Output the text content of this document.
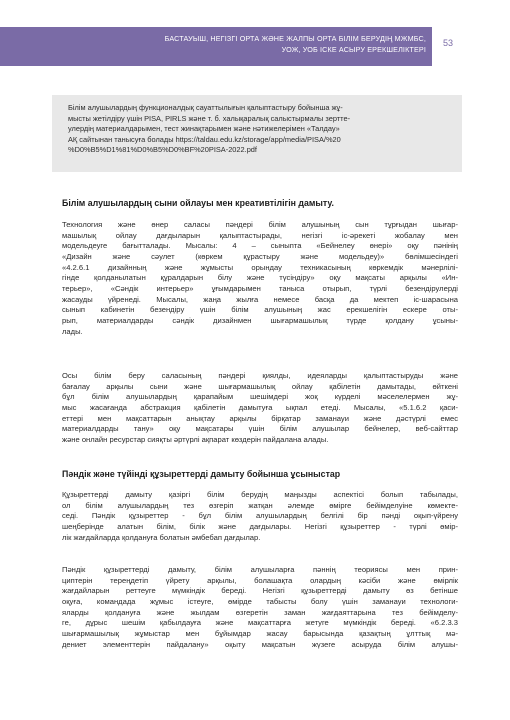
БАСТАУЫШ, НЕГІЗГІ ОРТА ЖӘНЕ ЖАЛПЫ ОРТА БІЛІМ БЕРУДІҢ МЖМБС,
УОЖ, УОБ ІСКЕ АСЫРУ ЕРЕКШЕЛІКТЕРІ
53
Білім алушылардың функционалдық сауаттылығын қалыптастыру бойынша жұ-
мысты жетілдіру үшін PISA, PIRLS және т. б. халықаралық салыстырмалы зертте-
улердің материалдарымен, тест жинақтарымен және нәтижелерімен «Талдау»
АҚ сайтынан танысуға болады https://taldau.edu.kz/storage/app/media/PISA/%20
%D0%B5%D1%81%D0%B5%D0%BF%20PISA-2022.pdf
Білім алушылардың сыни ойлауы мен креативтілігін дамыту.
Технология және өнер саласы пәндері білім алушының сын тұрғыдан шығар-
машылық ойлау дағдыларын қалыптастырады, негізгі іс-әрекеті жобалау мен
модельдеуге бағытталады. Мысалы: 4 – сыныпта «Бейнелеу өнері» оқу пәнінің
«Дизайн және сәулет (көркем құрастыру және модельдеу)» бөлімшесіндегі
«4.2.6.1 дизайнның және жұмысты орындау техникасының көркемдік мәнерлілі-
гінде қолданылатын құралдарын білу және түсіндіру» оқу мақсаты арқылы «Ин-
терьер», «Сәндік интерьер» ұғымдарымен таныса отырып, түрлі безендірулерді
жасауды үйренеді. Мысалы, жаңа жылға немесе басқа да мектеп іс-шарасына
сынып кабинетін безендіру үшін білім алушының жас ерекшелігін ескере оты-
рып, материалдарды сәндік дизайнмен шығармашылық түрде қолдану ұсыны-
лады.
Осы білім беру саласының пәндері қиялды, идеяларды қалыптастыруды және
бағалау арқылы сыни және шығармашылық ойлау қабілетін дамытады, өйткені
бұл білім алушылардың қарапайым шешімдері жоқ күрделі мәселелермен жұ-
мыс жасағанда абстракция қабілетін дамытуға ықпал етеді. Мысалы, «5.1.6.2 қаси-
еттері мен мақсаттарын анықтау арқылы бірқатар заманауи және дәстүрлі емес
материалдарды тану» оқу мақсатары үшін білім алушылар бейнелер, веб-сайттар
және онлайн ресурстар сияқты әртүрлі ақпарат көздерін пайдалана алады.
Пәндік және түйінді құзыреттерді дамыту бойынша ұсыныстар
Құзыреттерді дамыту қазіргі білім берудің маңызды аспектісі болып табылады,
ол білім алушылардың тез өзгеріп жатқан әлемде өмірге бейімделуіне көмекте-
седі. Пәндік құзыреттер - бұл білім алушылардың белгілі бір пәнді оқып-үйрену
шеңберінде алатын білім, білік және дағдылары. Негізгі құзыреттер - түрлі өмір-
лік жағдайларда қолдануға болатын әмбебап дағдылар.
Пәндік құзыреттерді дамыту, білім алушыларға пәннің теориясы мен прин-
циптерін тереңдетіп үйрету арқылы, болашақта олардың кәсіби және өмірлік
жағдайларын реттеуге мүмкіндік береді. Негізгі құзыреттерді дамыту өз бетінше
оқуға, командада жұмыс істеуге, өмірде табысты болу үшін заманауи технологи-
яларды қолдануға және жылдам өзгеретін заман жағдаяттарына тез бейімделу-
ге, дұрыс шешім қабылдауға және мақсаттарға жетуге мүмкіндік береді. «6.2.3.3
шығармашылық жұмыстар мен бұйымдар жасау барысында қазақтың ұлттық мә-
дениет элементтерін пайдалану» оқыту мақсатын жүзеге асыруда білім алушы-
